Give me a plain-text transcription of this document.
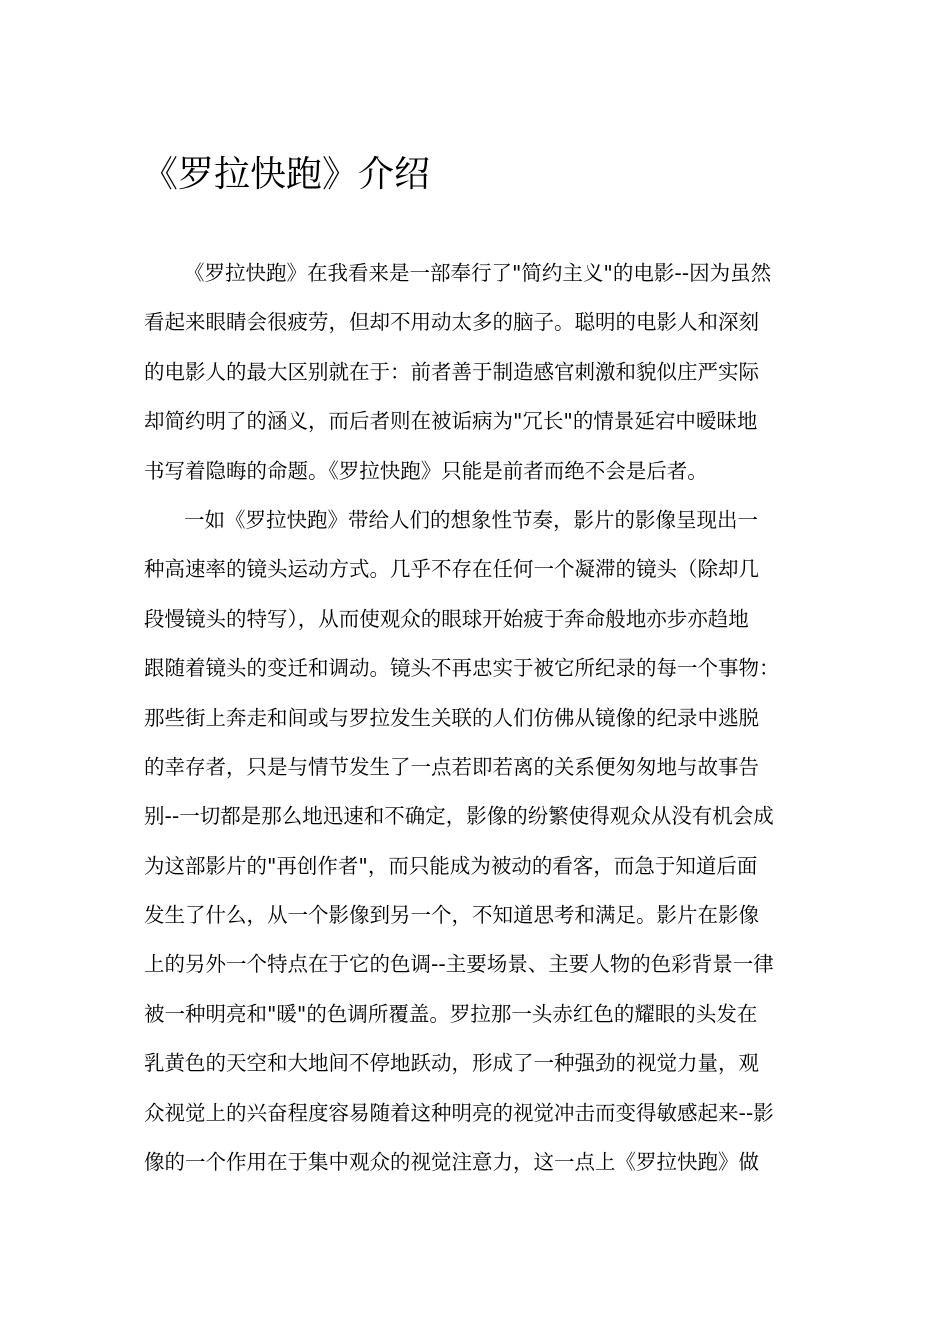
《罗拉快跑》介绍
《罗拉快跑》在我看来是一部奉行了"简约主义"的电影--因为虽然
看起来眼睛会很疲劳，但却不用动太多的脑子。聪明的电影人和深刻
的电影人的最大区别就在于：前者善于制造感官刺激和貌似庄严实际
却简约明了的涵义，而后者则在被诟病为"冗长"的情景延宕中暧昧地
书写着隐晦的命题。《罗拉快跑》只能是前者而绝不会是后者。
一如《罗拉快跑》带给人们的想象性节奏，影片的影像呈现出一
种高速率的镜头运动方式。几乎不存在任何一个凝滞的镜头（除却几
段慢镜头的特写），从而使观众的眼球开始疲于奔命般地亦步亦趋地
跟随着镜头的变迁和调动。镜头不再忠实于被它所纪录的每一个事物：
那些街上奔走和间或与罗拉发生关联的人们仿佛从镜像的纪录中逃脱
的幸存者，只是与情节发生了一点若即若离的关系便匆匆地与故事告
别--一切都是那么地迅速和不确定，影像的纷繁使得观众从没有机会成
为这部影片的"再创作者"，而只能成为被动的看客，而急于知道后面
发生了什么，从一个影像到另一个，不知道思考和满足。影片在影像
上的另外一个特点在于它的色调--主要场景、主要人物的色彩背景一律
被一种明亮和"暖"的色调所覆盖。罗拉那一头赤红色的耀眼的头发在
乳黄色的天空和大地间不停地跃动，形成了一种强劲的视觉力量，观
众视觉上的兴奋程度容易随着这种明亮的视觉冲击而变得敏感起来--影
像的一个作用在于集中观众的视觉注意力，这一点上《罗拉快跑》做
